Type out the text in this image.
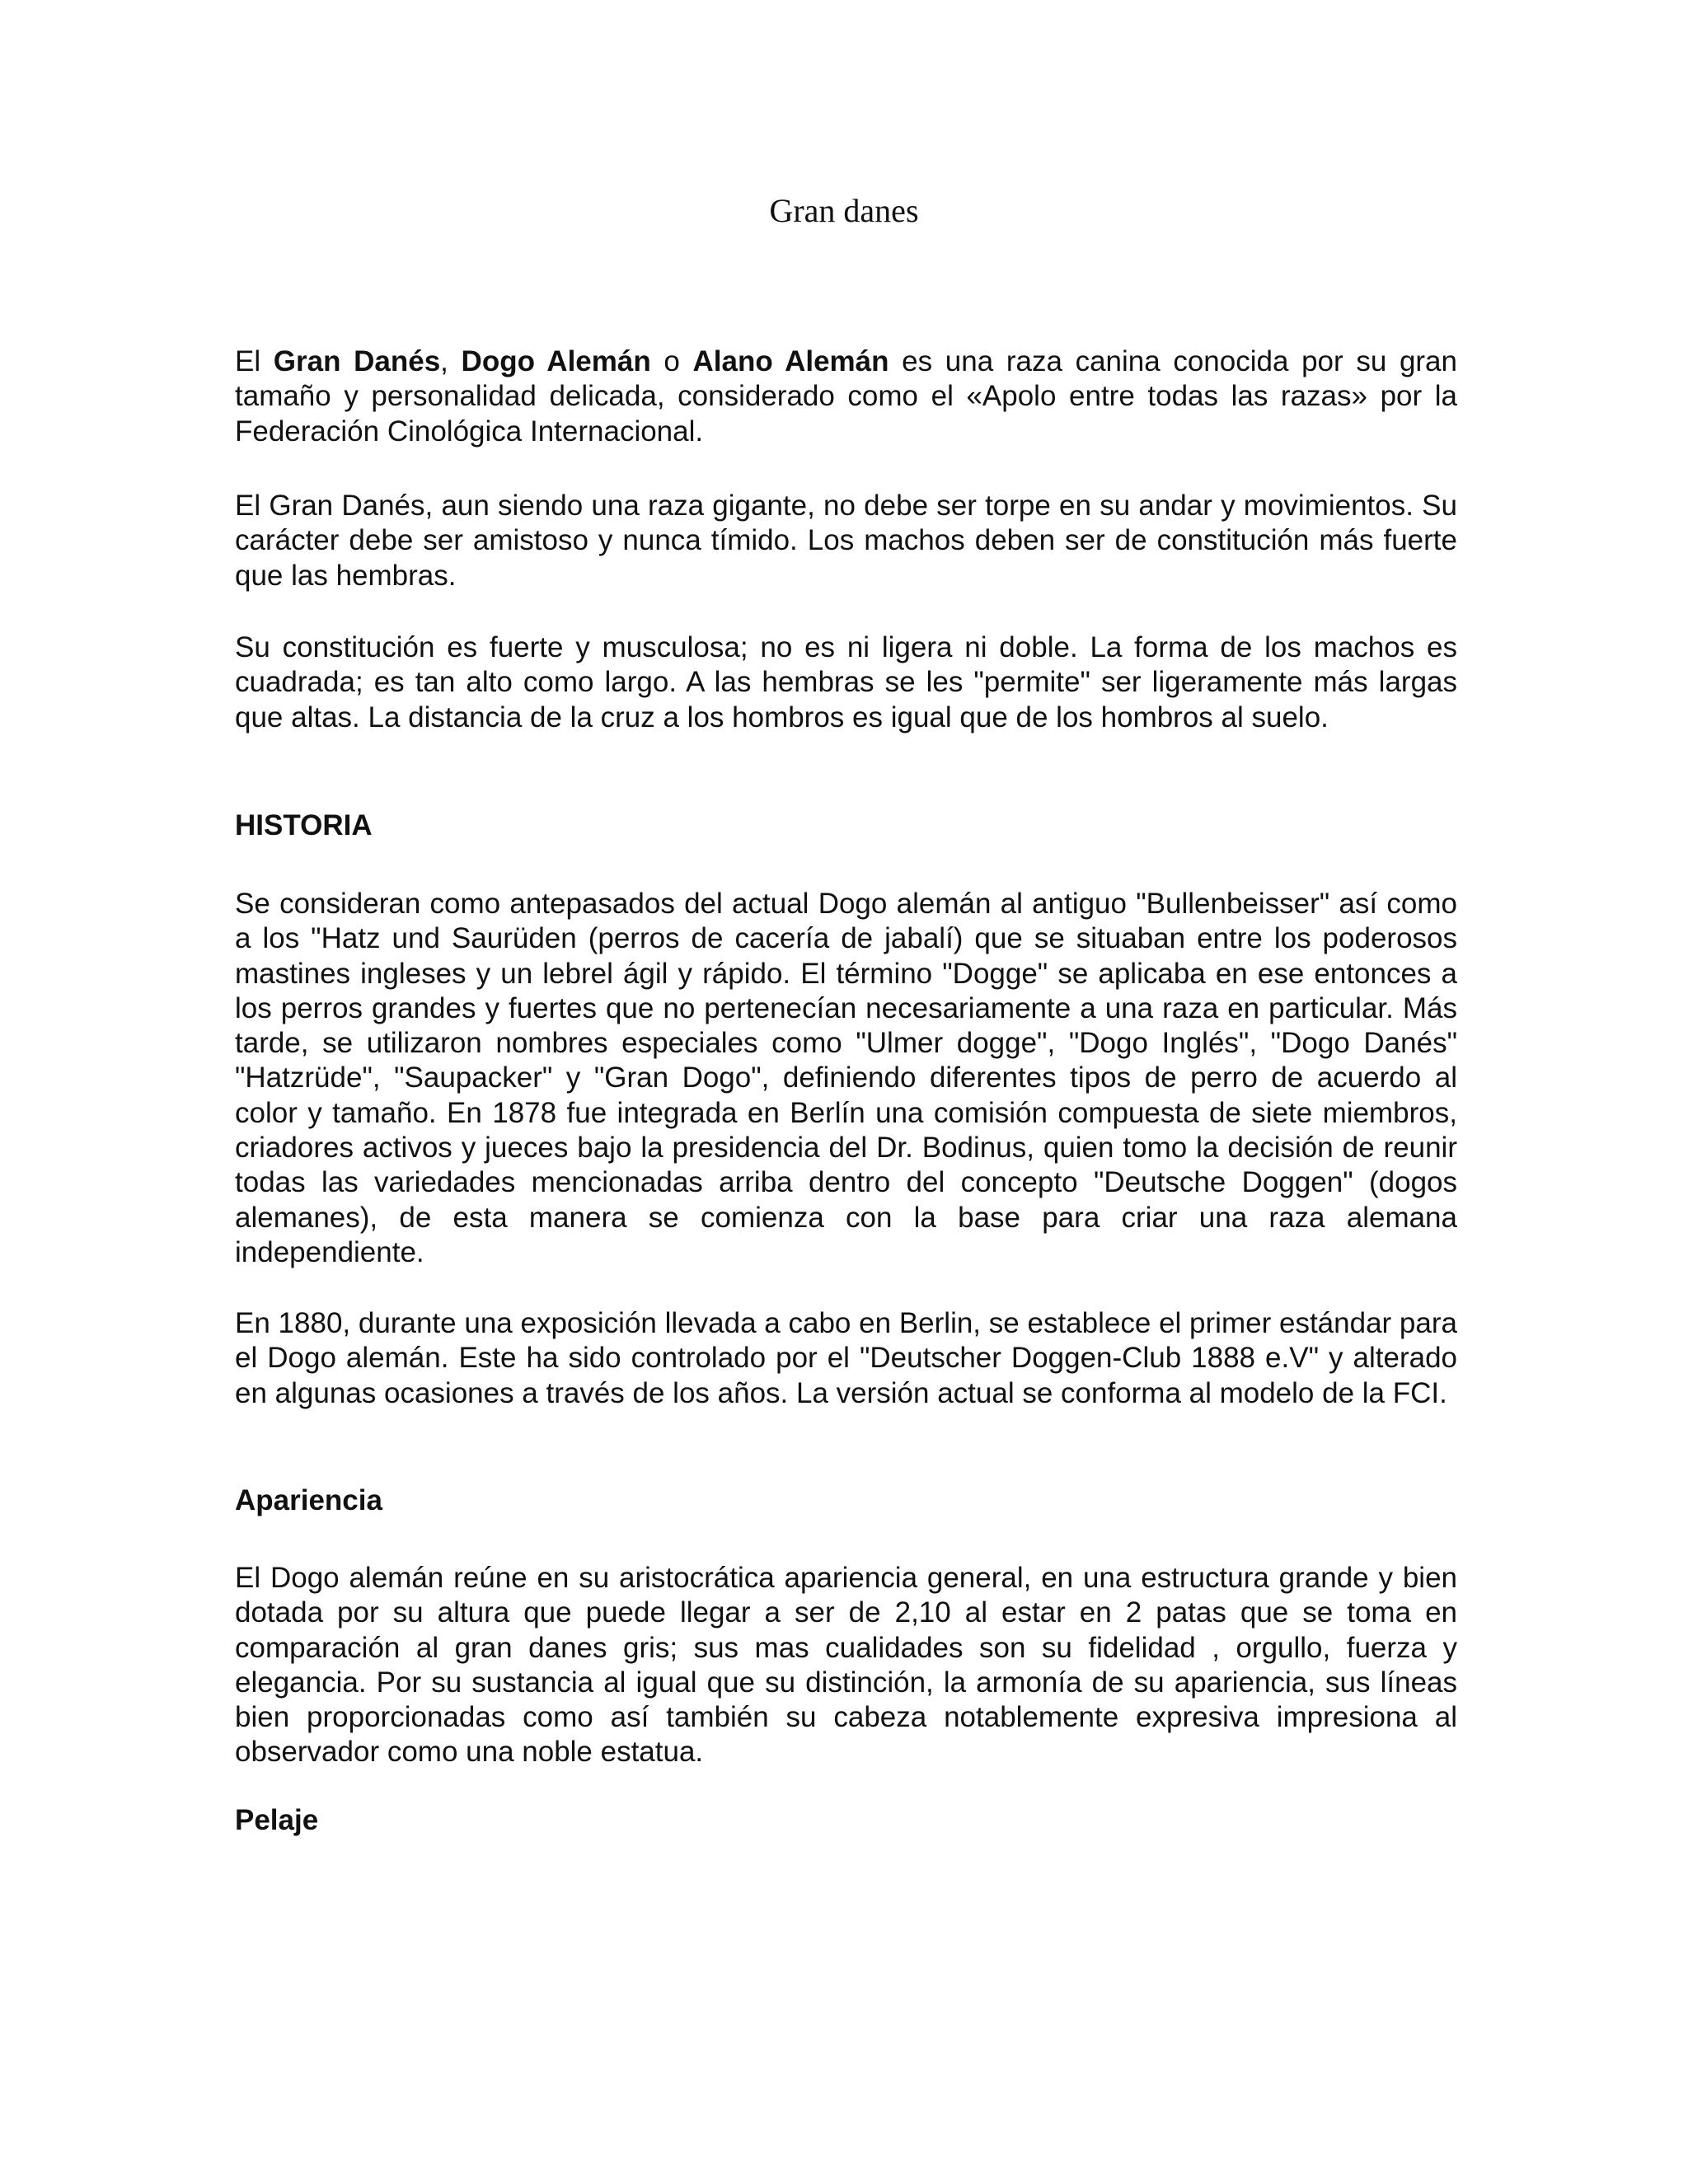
Gran danes

El Gran Danés, Dogo Alemán o Alano Alemán es una raza canina conocida por su gran tamaño y personalidad delicada, considerado como el «Apolo entre todas las razas» por la Federación Cinológica Internacional.

El Gran Danés, aun siendo una raza gigante, no debe ser torpe en su andar y movimientos. Su carácter debe ser amistoso y nunca tímido. Los machos deben ser de constitución más fuerte que las hembras.

Su constitución es fuerte y musculosa; no es ni ligera ni doble. La forma de los machos es cuadrada; es tan alto como largo. A las hembras se les "permite" ser ligeramente más largas que altas. La distancia de la cruz a los hombros es igual que de los hombros al suelo.

HISTORIA

Se consideran como antepasados del actual Dogo alemán al antiguo "Bullenbeisser" así como a los "Hatz und Saurüden (perros de cacería de jabalí) que se situaban entre los poderosos mastines ingleses y un lebrel ágil y rápido. El término "Dogge" se aplicaba en ese entonces a los perros grandes y fuertes que no pertenecían necesariamente a una raza en particular. Más tarde, se utilizaron nombres especiales como "Ulmer dogge", "Dogo Inglés", "Dogo Danés" "Hatzrüde", "Saupacker" y "Gran Dogo", definiendo diferentes tipos de perro de acuerdo al color y tamaño. En 1878 fue integrada en Berlín una comisión compuesta de siete miembros, criadores activos y jueces bajo la presidencia del Dr. Bodinus, quien tomo la decisión de reunir todas las variedades mencionadas arriba dentro del concepto "Deutsche Doggen" (dogos alemanes), de esta manera se comienza con la base para criar una raza alemana independiente.

En 1880, durante una exposición llevada a cabo en Berlin, se establece el primer estándar para el Dogo alemán. Este ha sido controlado por el "Deutscher Doggen-Club 1888 e.V" y alterado en algunas ocasiones a través de los años. La versión actual se conforma al modelo de la FCI.

Apariencia

El Dogo alemán reúne en su aristocrática apariencia general, en una estructura grande y bien dotada por su altura que puede llegar a ser de 2,10 al estar en 2 patas que se toma en comparación al gran danes gris; sus mas cualidades son su fidelidad , orgullo, fuerza y elegancia. Por su sustancia al igual que su distinción, la armonía de su apariencia, sus líneas bien proporcionadas como así también su cabeza notablemente expresiva impresiona al observador como una noble estatua.

Pelaje
